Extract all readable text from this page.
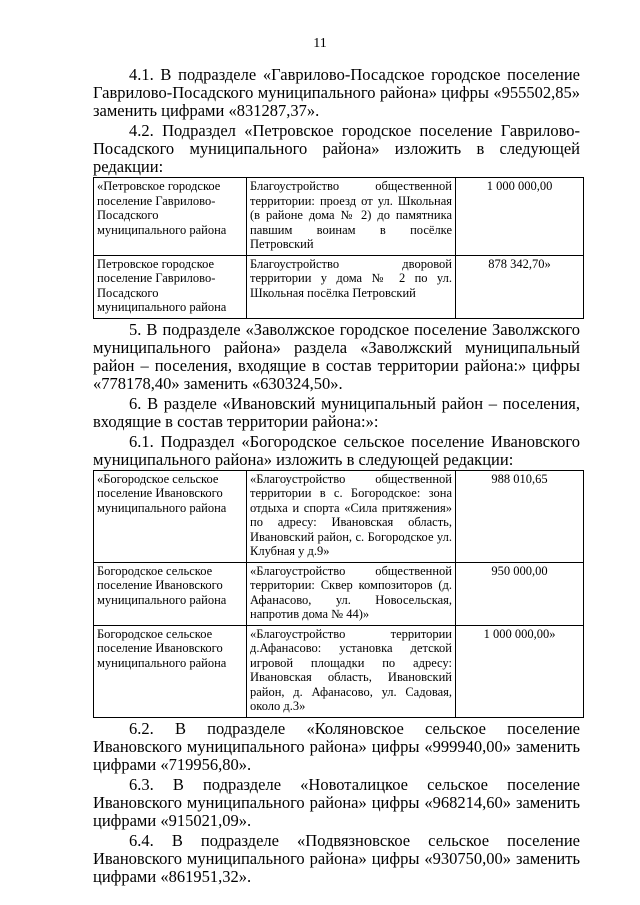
11

4.1. В подразделе «Гаврилово-Посадское городское поселение Гаврилово-Посадского муниципального района» цифры «955502,85» заменить цифрами «831287,37».

4.2. Подраздел «Петровское городское поселение Гаврилово-Посадского муниципального района» изложить в следующей редакции:

«Петровское городское поселение Гаврилово-Посадского муниципального района	Благоустройство общественной территории: проезд от ул. Школьная (в районе дома № 2) до памятника павшим воинам в посёлке Петровский	1 000 000,00
Петровское городское поселение Гаврилово-Посадского муниципального района	Благоустройство дворовой территории у дома № 2 по ул. Школьная посёлка Петровский	878 342,70»

5. В подразделе «Заволжское городское поселение Заволжского муниципального района» раздела «Заволжский муниципальный район – поселения, входящие в состав территории района:» цифры «778178,40» заменить «630324,50».

6. В разделе «Ивановский муниципальный район – поселения, входящие в состав территории района:»:

6.1. Подраздел «Богородское сельское поселение Ивановского муниципального района» изложить в следующей редакции:

«Богородское сельское поселение Ивановского муниципального района	«Благоустройство общественной территории в с. Богородское: зона отдыха и спорта «Сила притяжения» по адресу: Ивановская область, Ивановский район, с. Богородское ул. Клубная у д.9»	988 010,65
Богородское сельское поселение Ивановского муниципального района	«Благоустройство общественной территории: Сквер композиторов (д. Афанасово, ул. Новосельская, напротив дома № 44)»	950 000,00
Богородское сельское поселение Ивановского муниципального района	«Благоустройство территории д.Афанасово: установка детской игровой площадки по адресу: Ивановская область, Ивановский район, д. Афанасово, ул. Садовая, около д.3»	1 000 000,00»

6.2. В подразделе «Коляновское сельское поселение Ивановского муниципального района» цифры «999940,00» заменить цифрами «719956,80».

6.3. В подразделе «Новоталицкое сельское поселение Ивановского муниципального района» цифры «968214,60» заменить цифрами «915021,09».

6.4. В подразделе «Подвязновское сельское поселение Ивановского муниципального района» цифры «930750,00» заменить цифрами «861951,32».
